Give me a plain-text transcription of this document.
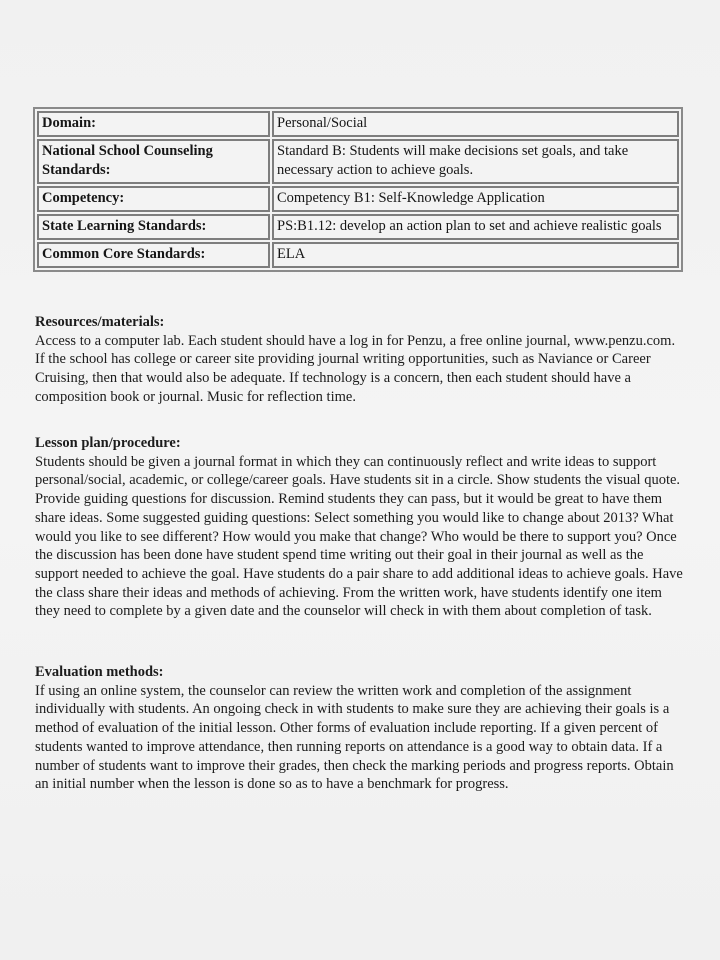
Domain:	Personal/Social
National School Counseling Standards:	Standard B: Students will make decisions set goals, and take necessary action to achieve goals.
Competency:	Competency B1: Self-Knowledge Application
State Learning Standards:	PS:B1.12: develop an action plan to set and achieve realistic goals
Common Core Standards:	ELA
Resources/materials:
Access to a computer lab. Each student should have a log in for Penzu, a free online journal, www.penzu.com. If the school has college or career site providing journal writing opportunities, such as Naviance or Career Cruising, then that would also be adequate. If technology is a concern, then each student should have a composition book or journal. Music for reflection time.
Lesson plan/procedure:
Students should be given a journal format in which they can continuously reflect and write ideas to support personal/social, academic, or college/career goals. Have students sit in a circle. Show students the visual quote. Provide guiding questions for discussion. Remind students they can pass, but it would be great to have them share ideas. Some suggested guiding questions: Select something you would like to change about 2013? What would you like to see different? How would you make that change? Who would be there to support you? Once the discussion has been done have student spend time writing out their goal in their journal as well as the support needed to achieve the goal. Have students do a pair share to add additional ideas to achieve goals. Have the class share their ideas and methods of achieving. From the written work, have students identify one item they need to complete by a given date and the counselor will check in with them about completion of task.
Evaluation methods:
If using an online system, the counselor can review the written work and completion of the assignment individually with students. An ongoing check in with students to make sure they are achieving their goals is a method of evaluation of the initial lesson. Other forms of evaluation include reporting. If a given percent of students wanted to improve attendance, then running reports on attendance is a good way to obtain data. If a number of students want to improve their grades, then check the marking periods and progress reports. Obtain an initial number when the lesson is done so as to have a benchmark for progress.
